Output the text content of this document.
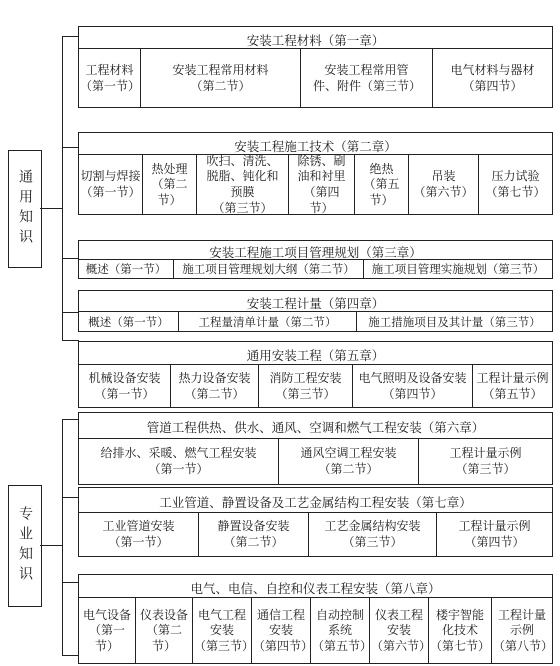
通用知识
专业知识
安装工程材料（第一章）
工程材料
（第一节）
安装工程常用材料
（第二节）
安装工程常用管件、附件（第三节）
电气材料与器材
（第四节）
安装工程施工技术（第二章）
切割与焊接
（第一节）
热处理
（第二节）
吹扫、清洗、脱脂、钝化和预膜
（第三节）
除锈、刷油和衬里
（第四节）
绝热
（第五节）
吊装
（第六节）
压力试验
（第七节）
安装工程施工项目管理规划（第三章）
概述（第一节） 施工项目管理规划大纲（第二节） 施工项目管理实施规划（第三节）
安装工程计量（第四章）
概述（第一节）	工程量清单计量（第二节）	施工措施项目及其计量（第三节）
通用安装工程（第五章）
机械设备安装
（第一节）
热力设备安装
（第二节）
消防工程安装
（第三节）
电气照明及设备安装
（第四节）
工程计量示例
（第五节）
管道工程供热、供水、通风、空调和燃气工程安装（第六章）
给排水、采暖、燃气工程安装
（第一节）
通风空调工程安装
（第二节）
工程计量示例
（第三节）
工业管道、静置设备及工艺金属结构工程安装（第七章）
工业管道安装
（第一节）
静置设备安装
（第二节）
工艺金属结构安装
（第三节）
工程计量示例
（第四节）
电气、电信、自控和仪表工程安装（第八章）
电气设备
（第一节）
仪表设备
（第二节）
电气工程
安装
（第三节）
通信工程
安装
（第四节）
自动控制
系统
（第五节）
仪表工程
安装
（第六节）
楼宇智能
化技术
（第七节）
工程计量
示例
（第八节）
